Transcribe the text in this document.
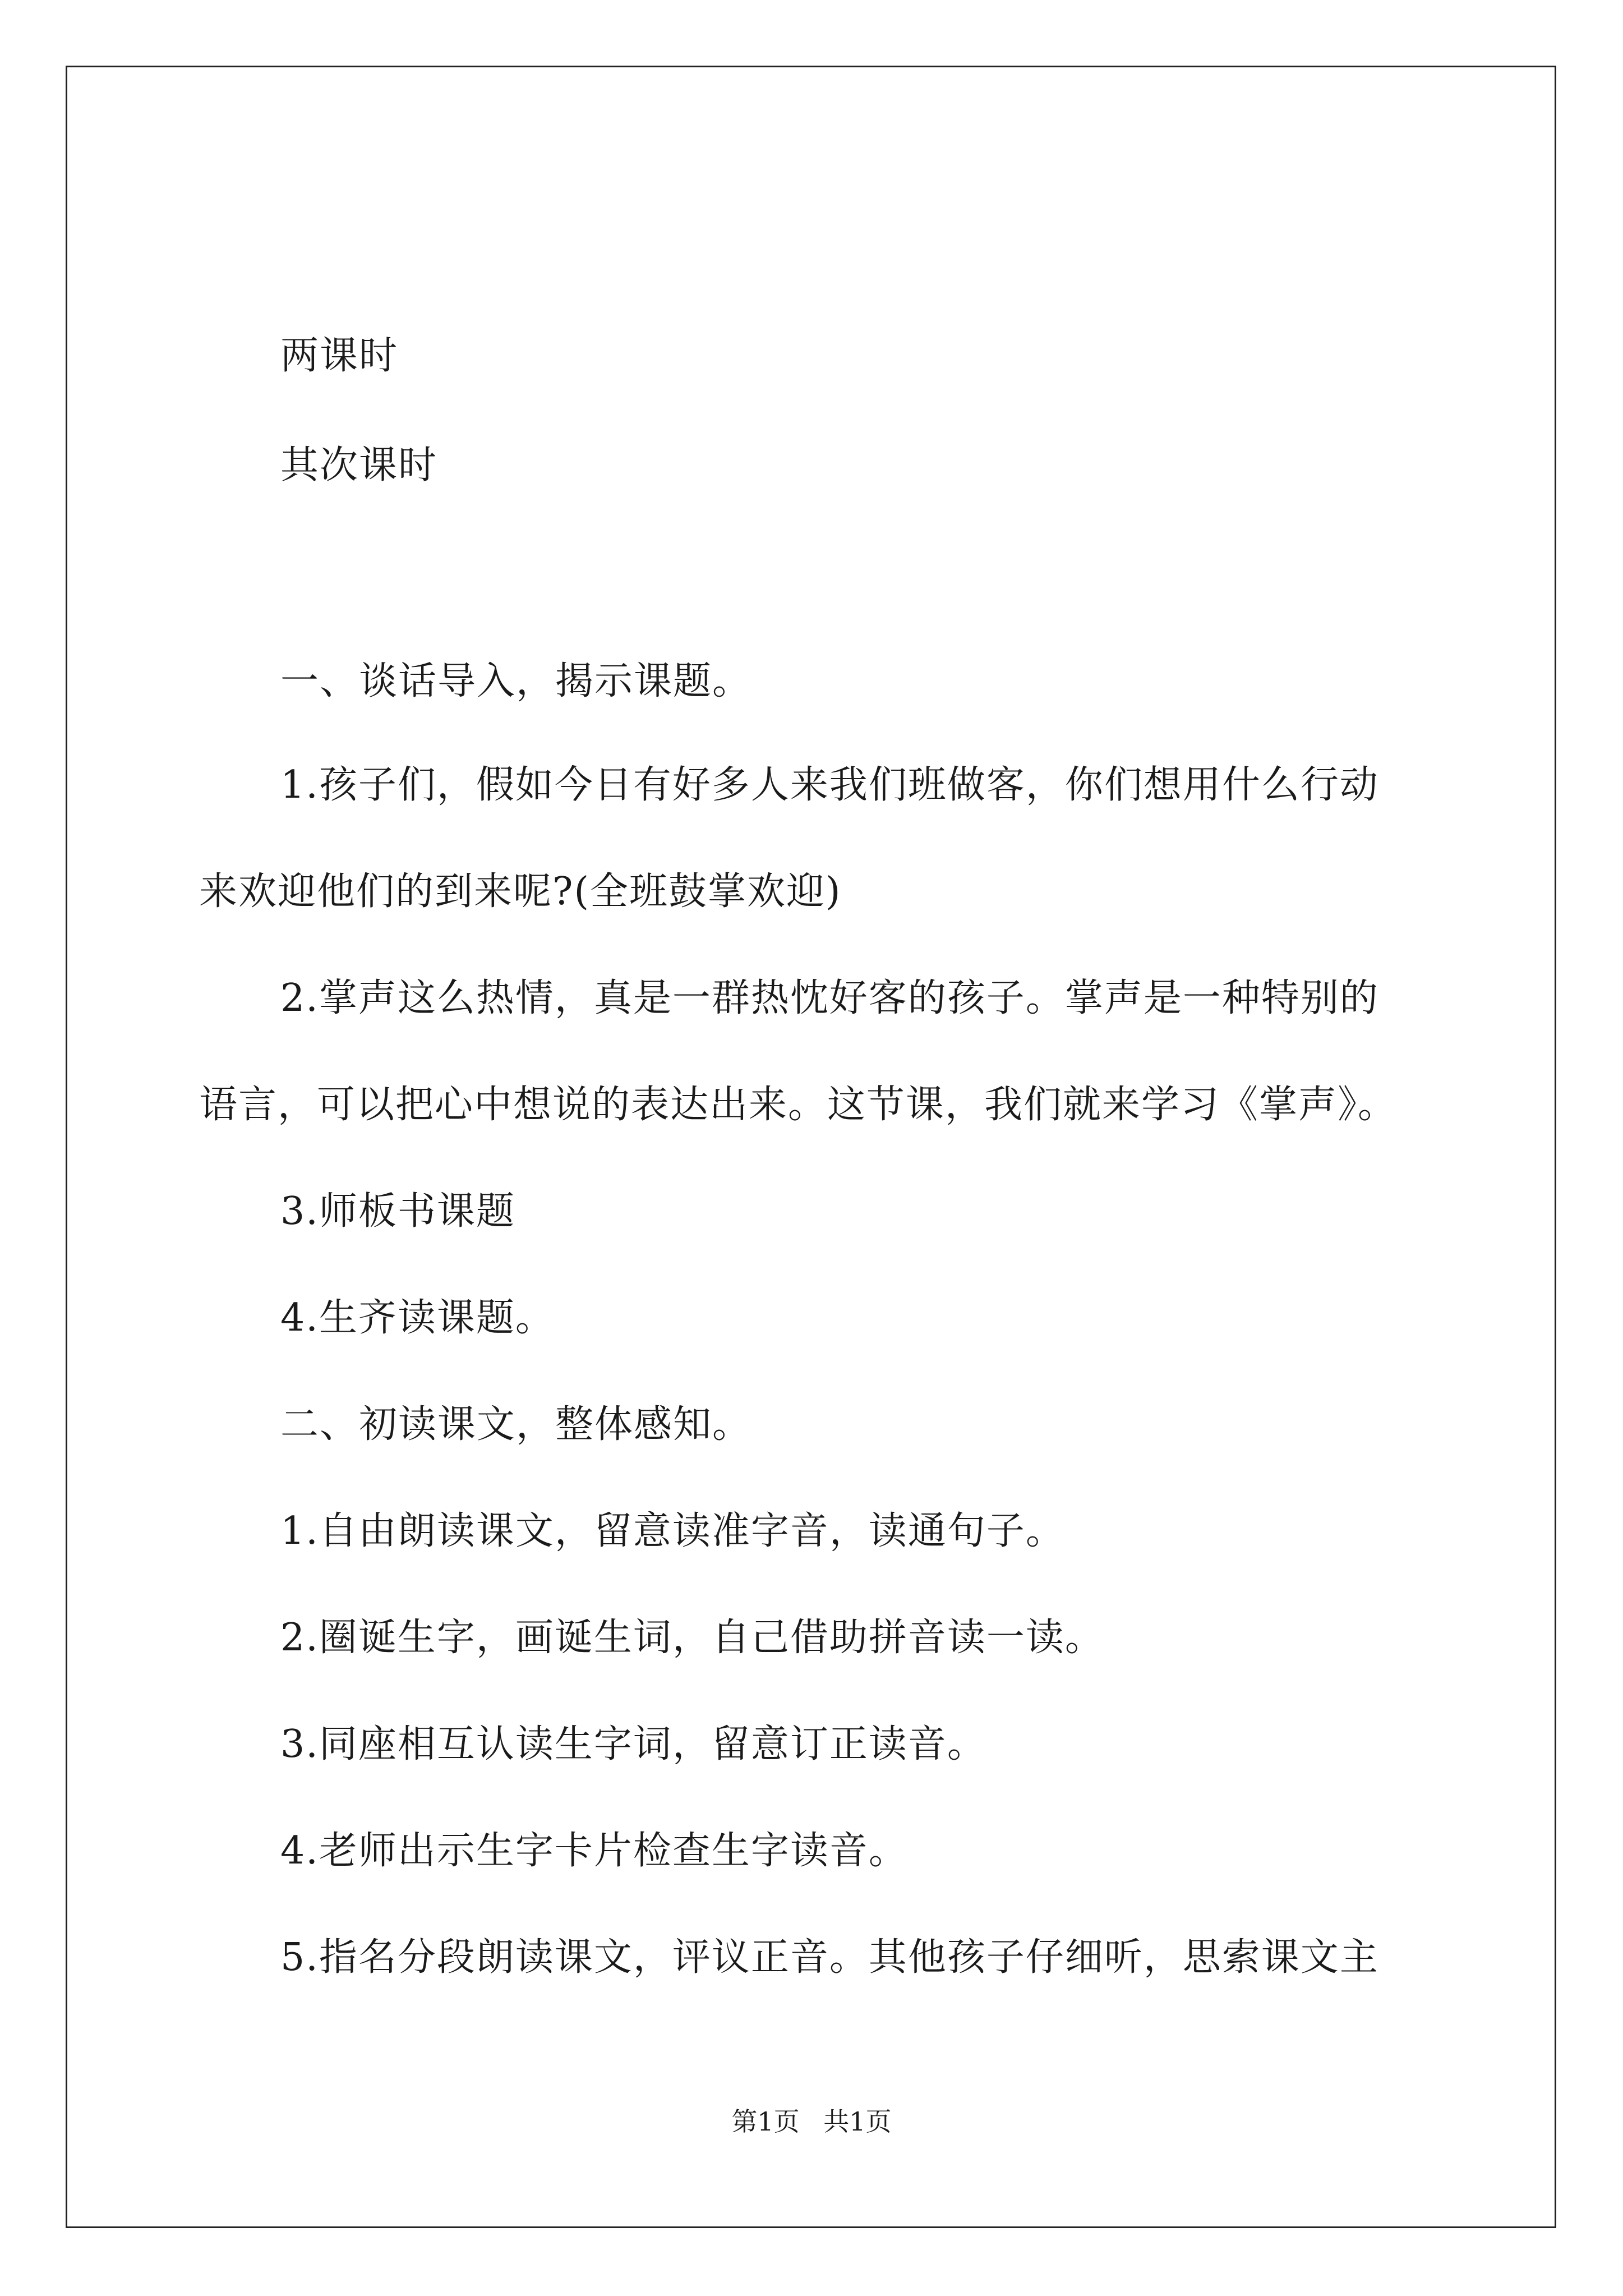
两课时
其次课时
一、谈话导入，揭示课题。
1.孩子们，假如今日有好多人来我们班做客，你们想用什么行动
来欢迎他们的到来呢?(全班鼓掌欢迎)
2.掌声这么热情，真是一群热忱好客的孩子。掌声是一种特别的
语言，可以把心中想说的表达出来。这节课，我们就来学习《掌声》。
3.师板书课题
4.生齐读课题。
二、初读课文，整体感知。
1.自由朗读课文，留意读准字音，读通句子。
2.圈诞生字，画诞生词，自己借助拼音读一读。
3.同座相互认读生字词，留意订正读音。
4.老师出示生字卡片检查生字读音。
5.指名分段朗读课文，评议正音。其他孩子仔细听，思索课文主
第1页 共1页
